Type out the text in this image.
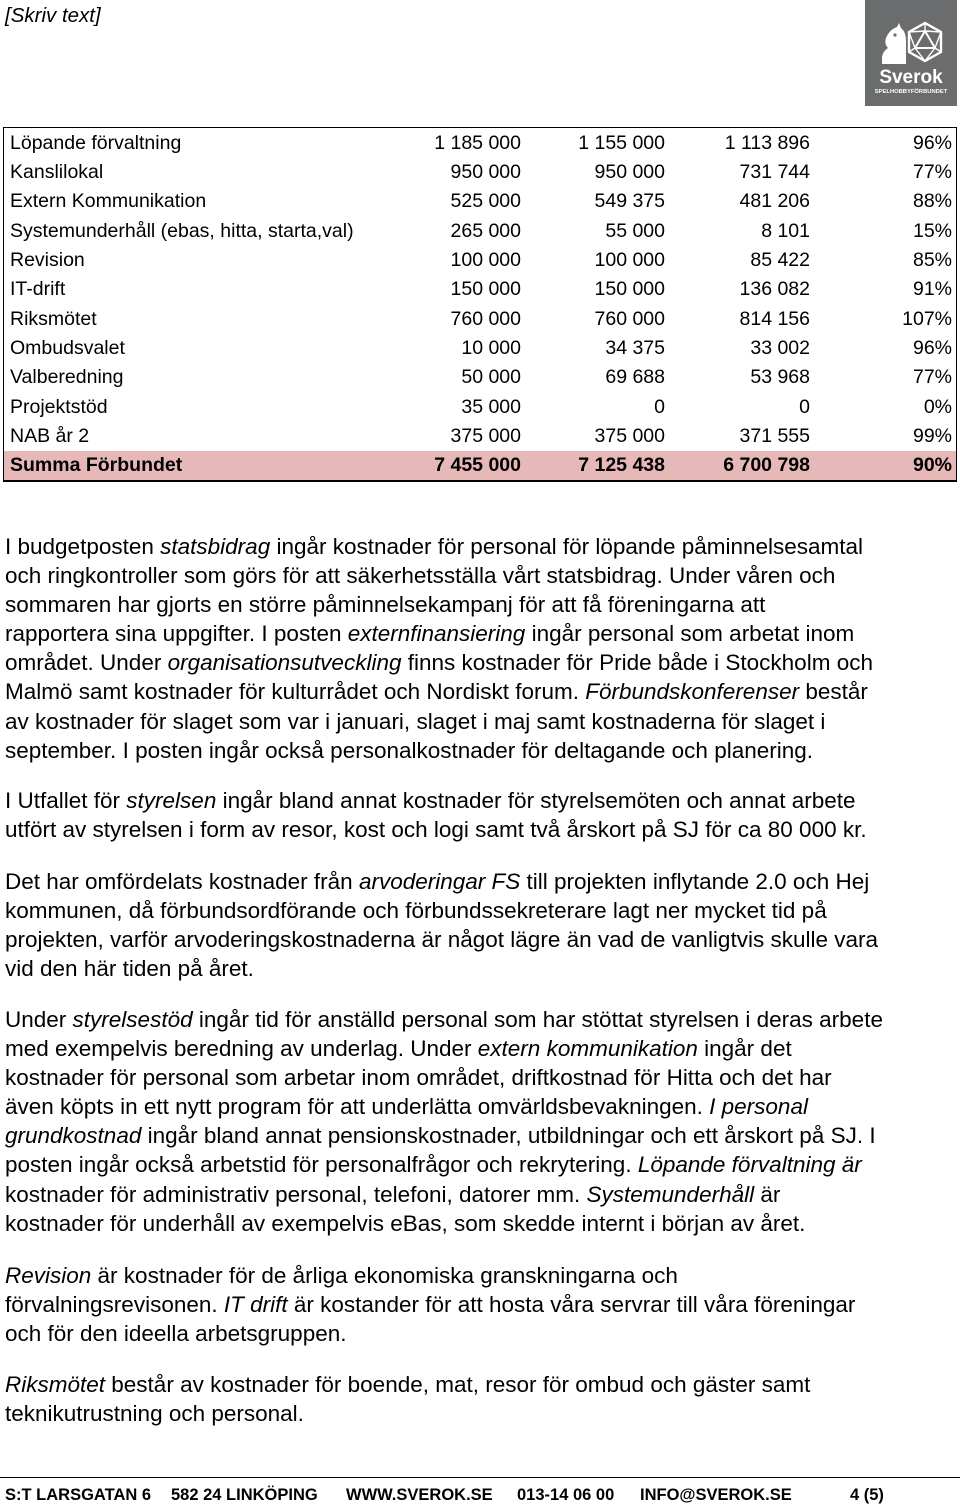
[Skriv text]
Sverok
SPELHOBBYFÖRBUNDET
Löpande förvaltning	1 185 000	1 155 000	1 113 896	96%
Kanslilokal	950 000	950 000	731 744	77%
Extern Kommunikation	525 000	549 375	481 206	88%
Systemunderhåll (ebas, hitta, starta,val)	265 000	55 000	8 101	15%
Revision	100 000	100 000	85 422	85%
IT-drift	150 000	150 000	136 082	91%
Riksmötet	760 000	760 000	814 156	107%
Ombudsvalet	10 000	34 375	33 002	96%
Valberedning	50 000	69 688	53 968	77%
Projektstöd	35 000	0	0	0%
NAB år 2	375 000	375 000	371 555	99%
Summa Förbundet	7 455 000	7 125 438	6 700 798	90%
I budgetposten statsbidrag ingår kostnader för personal för löpande påminnelsesamtal
och ringkontroller som görs för att säkerhetsställa vårt statsbidrag. Under våren och
sommaren har gjorts en större påminnelsekampanj för att få föreningarna att
rapportera sina uppgifter. I posten externfinansiering ingår personal som arbetat inom
området. Under organisationsutveckling finns kostnader för Pride både i Stockholm och
Malmö samt kostnader för kulturrådet och Nordiskt forum. Förbundskonferenser består
av kostnader för slaget som var i januari, slaget i maj samt kostnaderna för slaget i
september. I posten ingår också personalkostnader för deltagande och planering.
I Utfallet för styrelsen ingår bland annat kostnader för styrelsemöten och annat arbete
utfört av styrelsen i form av resor, kost och logi samt två årskort på SJ för ca 80 000 kr.
Det har omfördelats kostnader från arvoderingar FS till projekten inflytande 2.0 och Hej
kommunen, då förbundsordförande och förbundssekreterare lagt ner mycket tid på
projekten, varför arvoderingskostnaderna är något lägre än vad de vanligtvis skulle vara
vid den här tiden på året.
Under styrelsestöd ingår tid för anställd personal som har stöttat styrelsen i deras arbete
med exempelvis beredning av underlag. Under extern kommunikation ingår det
kostnader för personal som arbetar inom området, driftkostnad för Hitta och det har
även köpts in ett nytt program för att underlätta omvärldsbevakningen. I personal
grundkostnad ingår bland annat pensionskostnader, utbildningar och ett årskort på SJ. I
posten ingår också arbetstid för personalfrågor och rekrytering. Löpande förvaltning är
kostnader för administrativ personal, telefoni, datorer mm. Systemunderhåll är
kostnader för underhåll av exempelvis eBas, som skedde internt i början av året.
Revision är kostnader för de årliga ekonomiska granskningarna och
förvalningsrevisonen. IT drift är kostander för att hosta våra servrar till våra föreningar
och för den ideella arbetsgruppen.
Riksmötet består av kostnader för boende, mat, resor för ombud och gäster samt
teknikutrustning och personal.
S:T LARSGATAN 6 582 24 LINKÖPING WWW.SVEROK.SE 013-14 06 00 INFO@SVEROK.SE	4 (5)
